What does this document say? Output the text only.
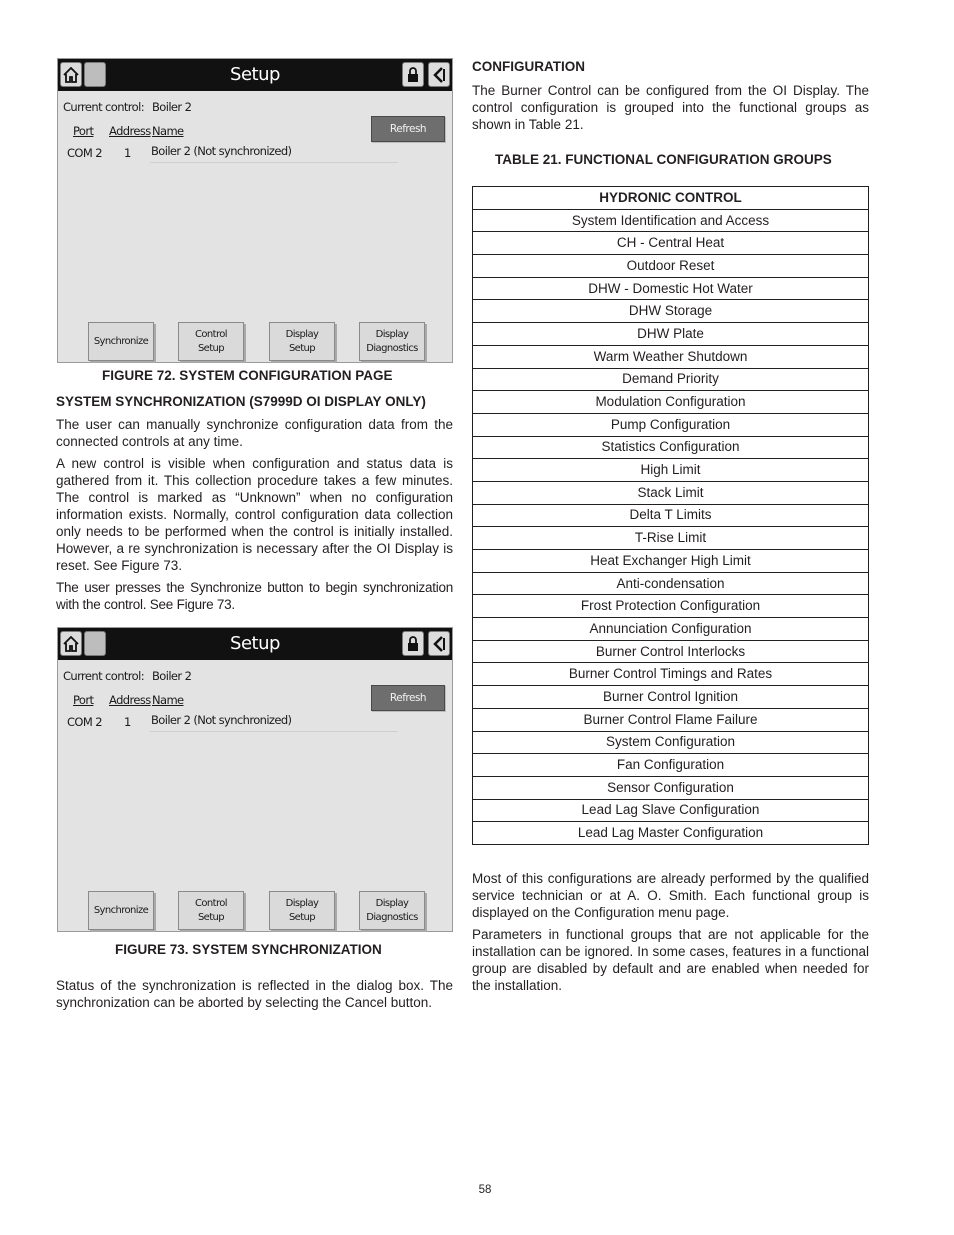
Setup
Current control: Boiler 2
Port Address Name
COM 2 1 Boiler 2 (Not synchronized)
Refresh
Synchronize
Control
Setup
Display
Setup
Display
Diagnostics
FIGURE 72. SYSTEM CONFIGURATION PAGE
SYSTEM SYNCHRONIZATION (S7999D OI DISPLAY ONLY)

The user can manually synchronize configuration data from the connected controls at any time.

A new control is visible when configuration and status data is gathered from it. This collection procedure takes a few minutes. The control is marked as “Unknown” when no configuration information exists. Normally, control configuration data collection only needs to be performed when the control is initially installed. However, a re synchronization is necessary after the OI Display is reset. See Figure 73.

The user presses the Synchronize button to begin synchronization with the control. See Figure 73.

Setup
Current control: Boiler 2
Port Address Name
COM 2 1 Boiler 2 (Not synchronized)
Refresh
Synchronize
Control
Setup
Display
Setup
Display
Diagnostics
FIGURE 73. SYSTEM SYNCHRONIZATION

Status of the synchronization is reflected in the dialog box. The synchronization can be aborted by selecting the Cancel button.

CONFIGURATION

The Burner Control can be configured from the OI Display. The control configuration is grouped into the functional groups as shown in Table 21.

TABLE 21. FUNCTIONAL CONFIGURATION GROUPS
HYDRONIC CONTROL
System Identification and Access
CH - Central Heat
Outdoor Reset
DHW - Domestic Hot Water
DHW Storage
DHW Plate
Warm Weather Shutdown
Demand Priority
Modulation Configuration
Pump Configuration
Statistics Configuration
High Limit
Stack Limit
Delta T Limits
T-Rise Limit
Heat Exchanger High Limit
Anti-condensation
Frost Protection Configuration
Annunciation Configuration
Burner Control Interlocks
Burner Control Timings and Rates
Burner Control Ignition
Burner Control Flame Failure
System Configuration
Fan Configuration
Sensor Configuration
Lead Lag Slave Configuration
Lead Lag Master Configuration

Most of this configurations are already performed by the qualified service technician or at A. O. Smith. Each functional group is displayed on the Configuration menu page.

Parameters in functional groups that are not applicable for the installation can be ignored. In some cases, features in a functional group are disabled by default and are enabled when needed for the installation.

58
